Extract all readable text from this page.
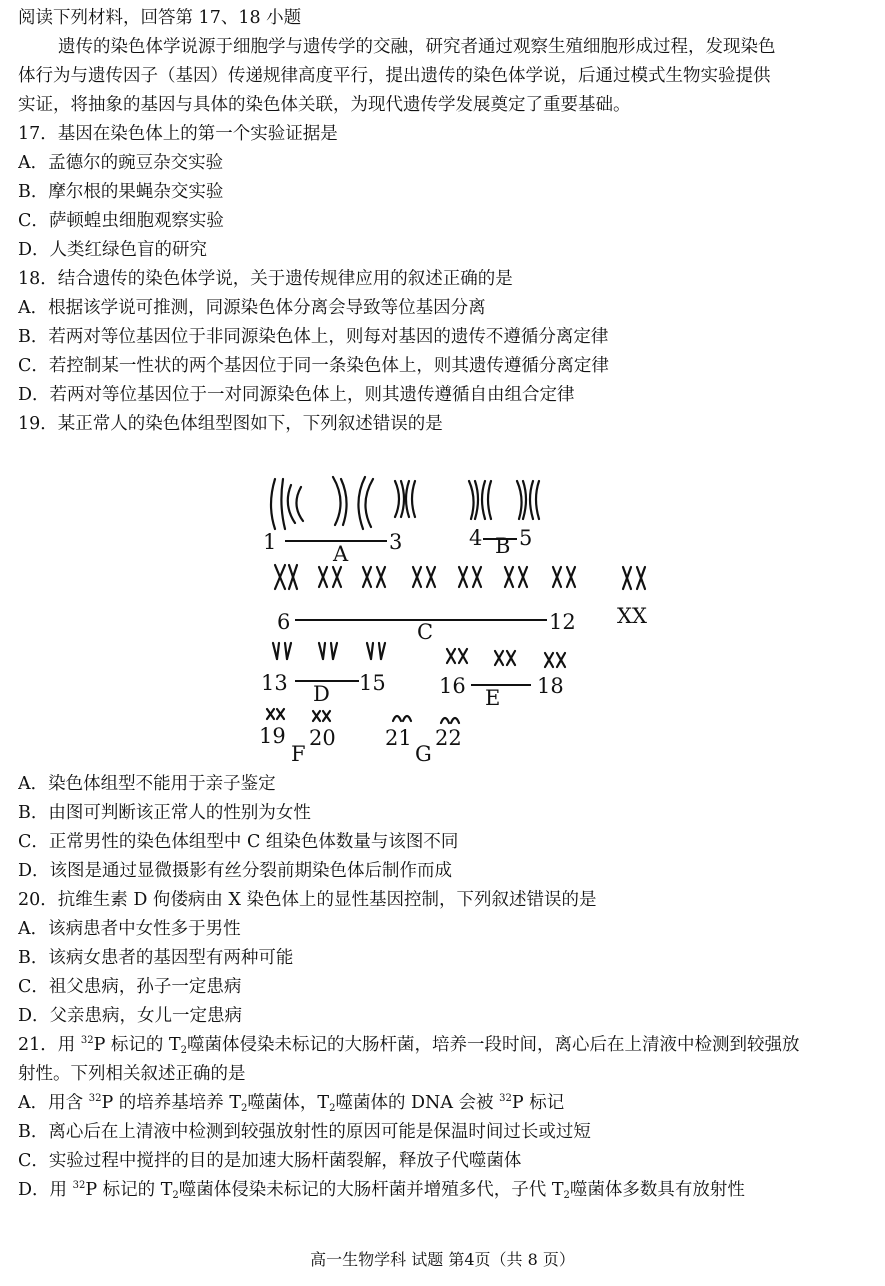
阅读下列材料，回答第 17、18 小题
遗传的染色体学说源于细胞学与遗传学的交融，研究者通过观察生殖细胞形成过程，发现染色
体行为与遗传因子（基因）传递规律高度平行，提出遗传的染色体学说，后通过模式生物实验提供
实证，将抽象的基因与具体的染色体关联，为现代遗传学发展奠定了重要基础。
17．基因在染色体上的第一个实验证据是
A．孟德尔的豌豆杂交实验
B．摩尔根的果蝇杂交实验
C．萨顿蝗虫细胞观察实验
D．人类红绿色盲的研究
18．结合遗传的染色体学说，关于遗传规律应用的叙述正确的是
A．根据该学说可推测，同源染色体分离会导致等位基因分离
B．若两对等位基因位于非同源染色体上，则每对基因的遗传不遵循分离定律
C．若控制某一性状的两个基因位于同一条染色体上，则其遗传遵循分离定律
D．若两对等位基因位于一对同源染色体上，则其遗传遵循自由组合定律
19．某正常人的染色体组型图如下，下列叙述错误的是
1	3
A
4 5
B
6	12
C
XX
13	15
D	16	18
E
19 20
F
21 22
G
A．染色体组型不能用于亲子鉴定
B．由图可判断该正常人的性别为女性
C．正常男性的染色体组型中 C 组染色体数量与该图不同
D．该图是通过显微摄影有丝分裂前期染色体后制作而成
20．抗维生素 D 佝偻病由 X 染色体上的显性基因控制，下列叙述错误的是
A．该病患者中女性多于男性
B．该病女患者的基因型有两种可能
C．祖父患病，孙子一定患病
D．父亲患病，女儿一定患病
21．用 $^{32}$P 标记的 $T_2$噬菌体侵染未标记的大肠杆菌，培养一段时间，离心后在上清液中检测到较强放
射性。下列相关叙述正确的是
A．用含 $^{32}$P 的培养基培养 $T_2$噬菌体，$T_2$噬菌体的 DNA 会被 $^{32}$P 标记
B．离心后在上清液中检测到较强放射性的原因可能是保温时间过长或过短
C．实验过程中搅拌的目的是加速大肠杆菌裂解，释放子代噬菌体
D．用 $^{32}$P 标记的 $T_2$噬菌体侵染未标记的大肠杆菌并增殖多代，子代 $T_2$噬菌体多数具有放射性
高一生物学科 试题 第4页（共 8 页）
